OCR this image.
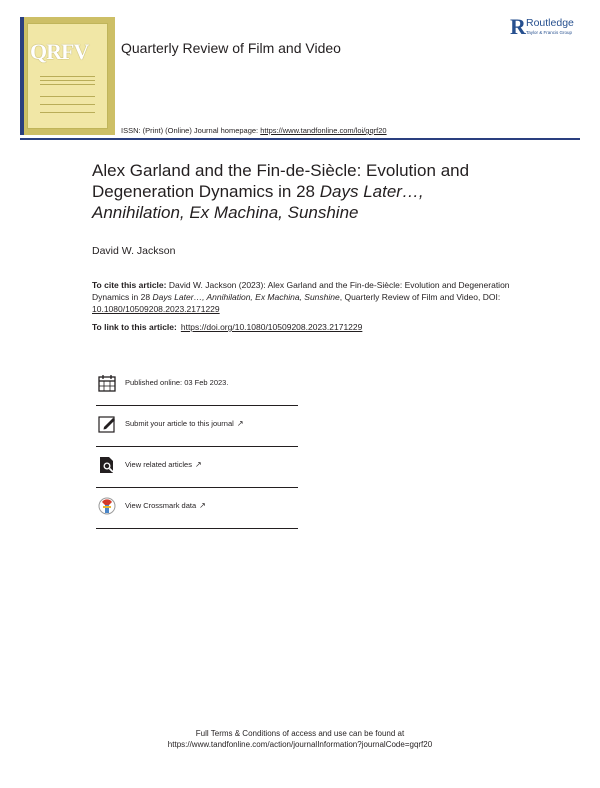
QRFV Quarterly Review of Film and Video
R Routledge
Taylor & Francis Group
ISSN: (Print) (Online) Journal homepage: https://www.tandfonline.com/loi/gqrf20
Alex Garland and the Fin-de-Siècle: Evolution and Degeneration Dynamics in 28 Days Later…, Annihilation, Ex Machina, Sunshine
David W. Jackson
To cite this article: David W. Jackson (2023): Alex Garland and the Fin-de-Siècle: Evolution and Degeneration Dynamics in 28 Days Later…, Annihilation, Ex Machina, Sunshine, Quarterly Review of Film and Video, DOI: 10.1080/10509208.2023.2171229
To link to this article: https://doi.org/10.1080/10509208.2023.2171229
Published online: 03 Feb 2023.
Submit your article to this journal ↗
View related articles ↗
View Crossmark data ↗
Full Terms & Conditions of access and use can be found at
https://www.tandfonline.com/action/journalInformation?journalCode=gqrf20
